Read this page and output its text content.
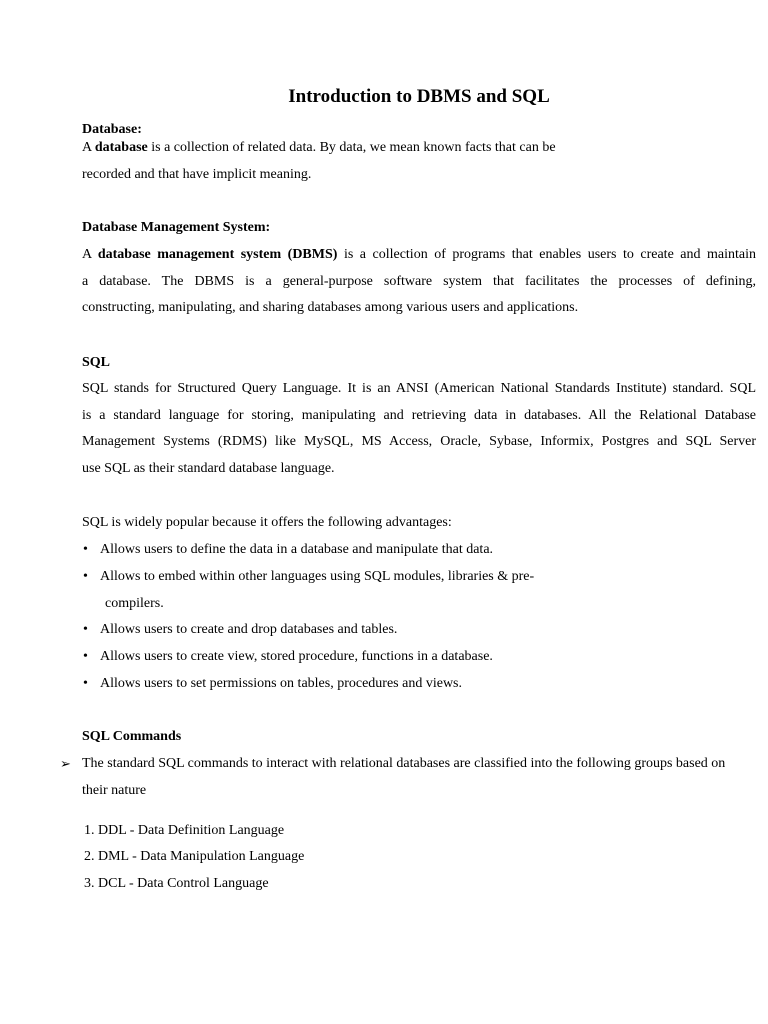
Introduction to DBMS and SQL
Database:
A database is a collection of related data. By data, we mean known facts that can be
recorded and that have implicit meaning.
Database Management System:
A database management system (DBMS) is a collection of programs that enables users to create and maintain
a database. The DBMS is a general-purpose software system that facilitates the processes of defining,
constructing, manipulating, and sharing databases among various users and applications.
SQL
SQL stands for Structured Query Language. It is an ANSI (American National Standards Institute) standard. SQL
is a standard language for storing, manipulating and retrieving data in databases. All the Relational Database
Management Systems (RDMS) like MySQL, MS Access, Oracle, Sybase, Informix, Postgres and SQL Server
use SQL as their standard database language.
SQL is widely popular because it offers the following advantages:
• Allows users to define the data in a database and manipulate that data.
• Allows to embed within other languages using SQL modules, libraries & pre-
compilers.
• Allows users to create and drop databases and tables.
• Allows users to create view, stored procedure, functions in a database.
• Allows users to set permissions on tables, procedures and views.
SQL Commands
➢ The standard SQL commands to interact with relational databases are classified into the following groups based on
their nature
1. DDL - Data Definition Language
2. DML - Data Manipulation Language
3. DCL - Data Control Language
